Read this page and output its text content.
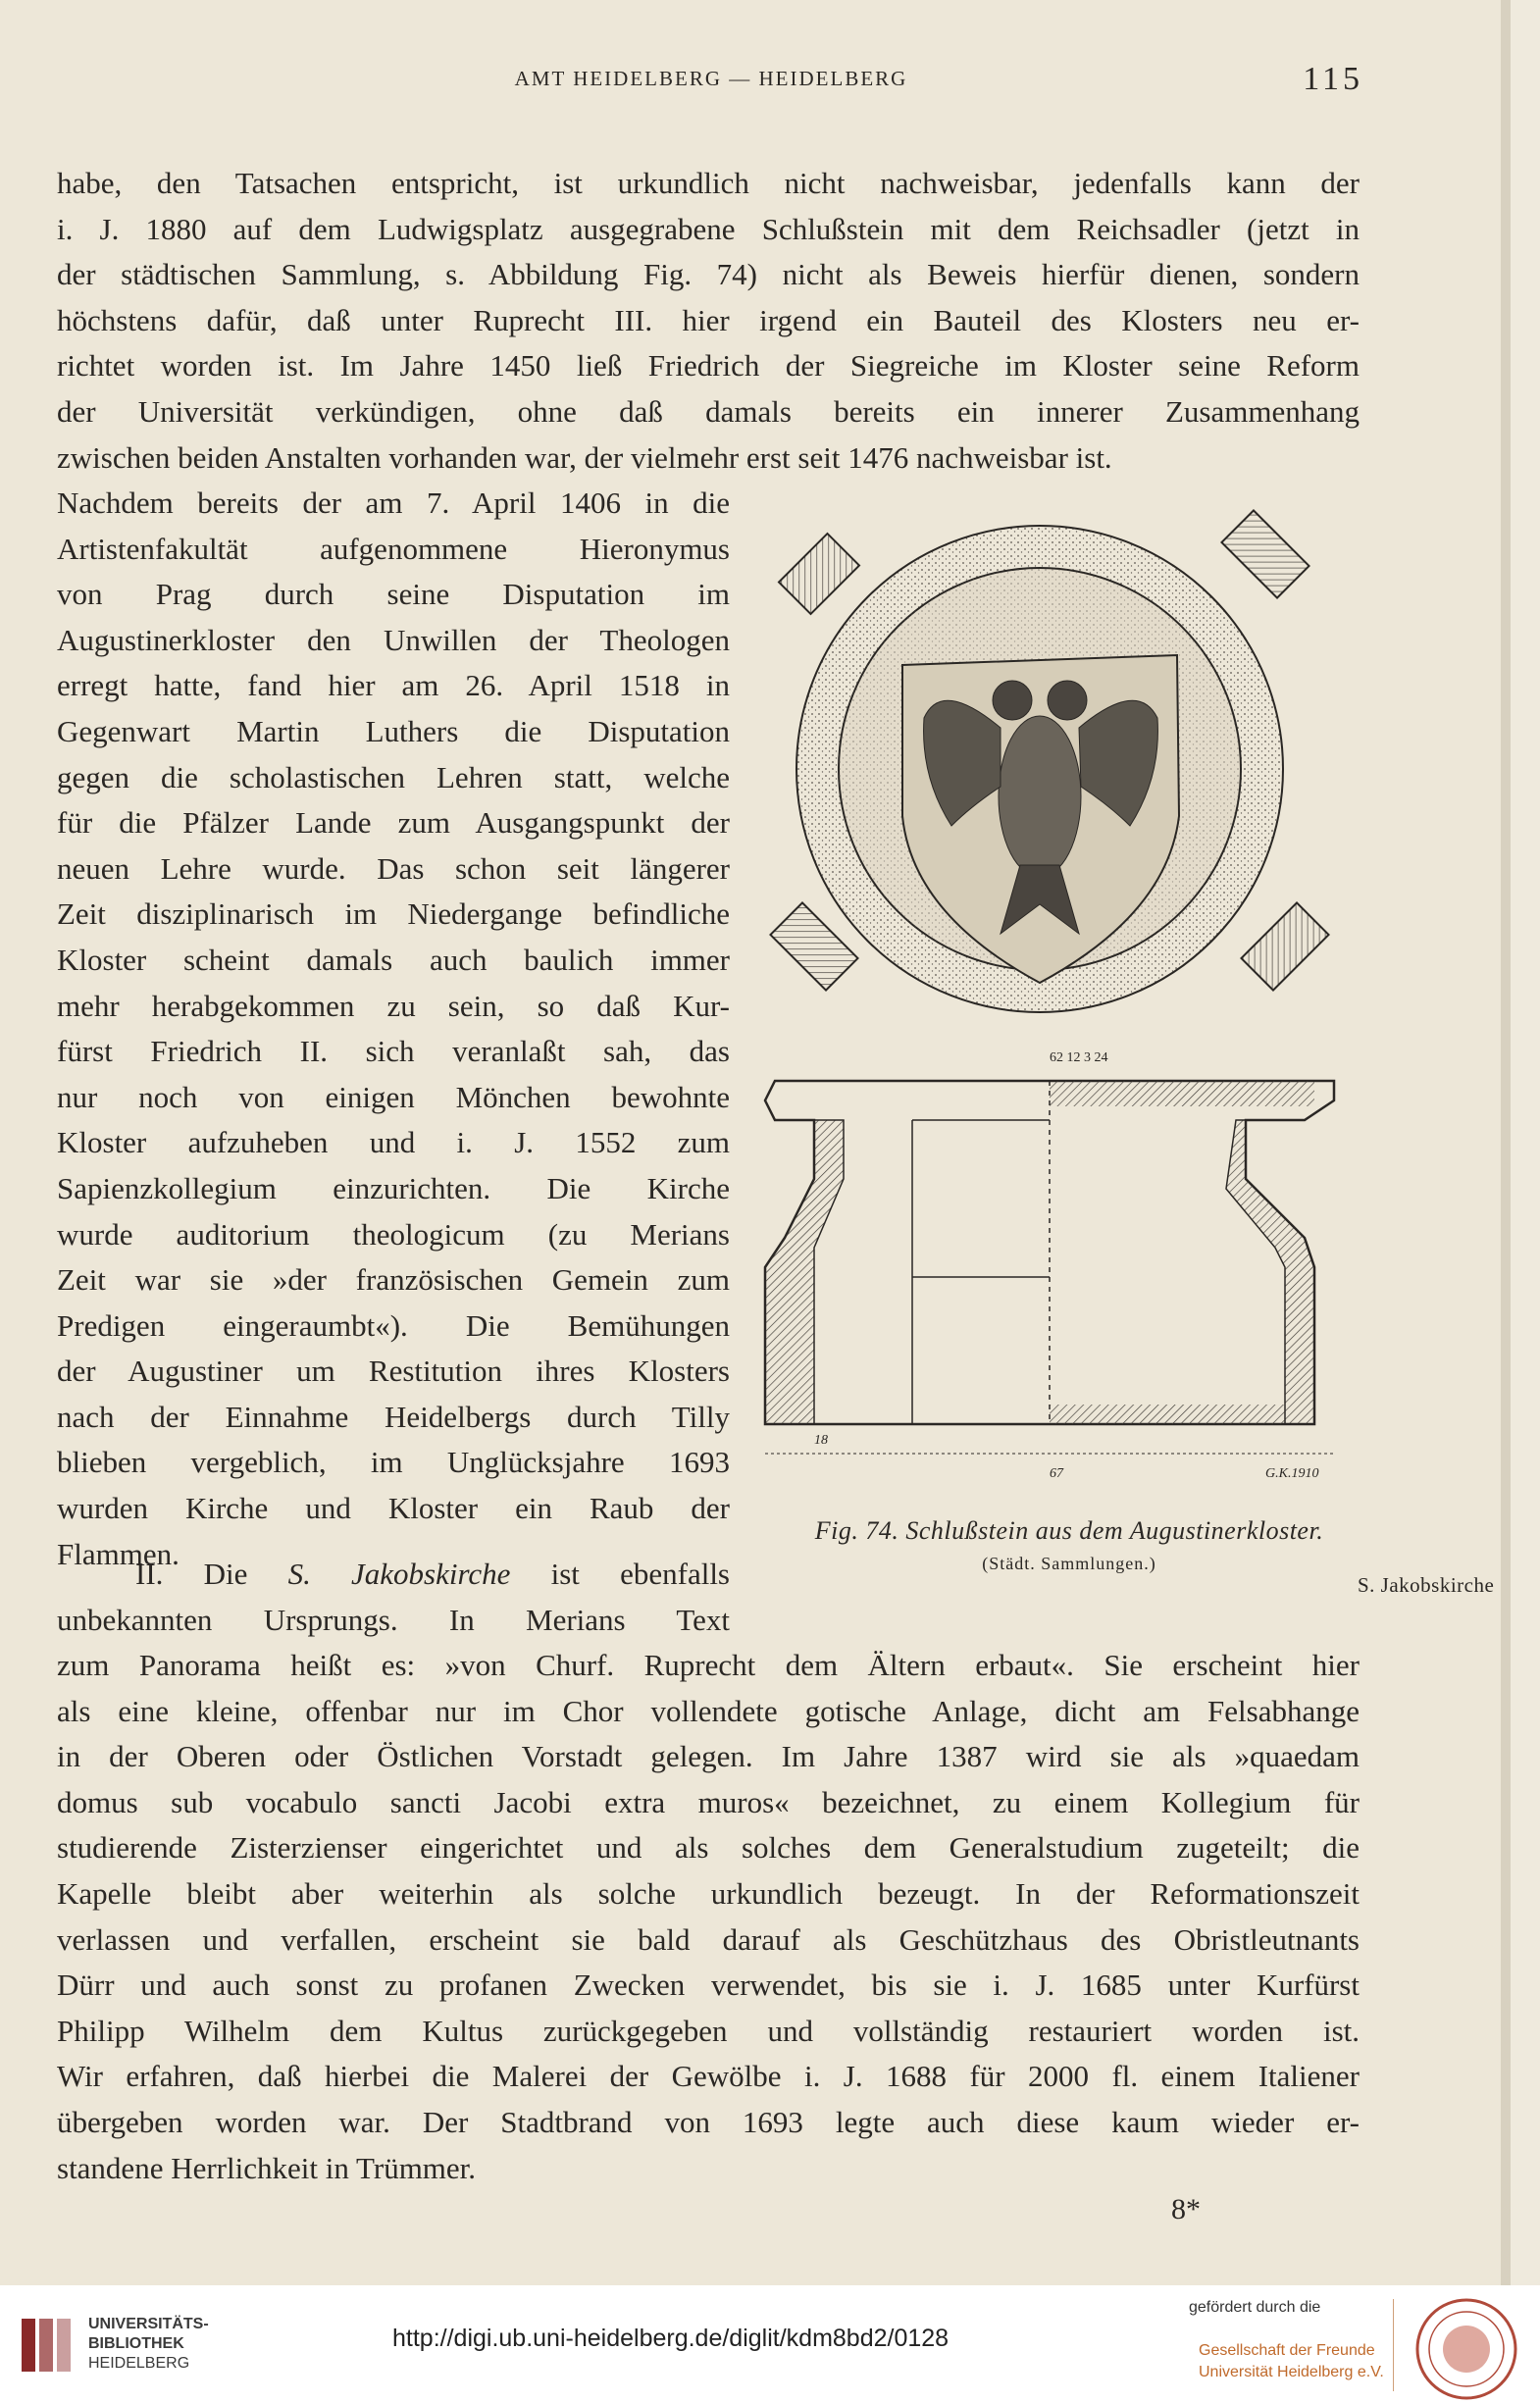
AMT HEIDELBERG — HEIDELBERG	115
habe, den Tatsachen entspricht, ist urkundlich nicht nachweisbar, jedenfalls kann der
i. J. 1880 auf dem Ludwigsplatz ausgegrabene Schlußstein mit dem Reichsadler (jetzt in
der städtischen Sammlung, s. Abbildung Fig. 74) nicht als Beweis hierfür dienen, sondern
höchstens dafür, daß unter Ruprecht III. hier irgend ein Bauteil des Klosters neu er-
richtet worden ist. Im Jahre 1450 ließ Friedrich der Siegreiche im Kloster seine Reform
der Universität verkündigen, ohne daß damals bereits ein innerer Zusammenhang
zwischen beiden Anstalten vorhanden war, der vielmehr erst seit 1476 nachweisbar ist.
Nachdem bereits der am 7. April 1406 in die
Artistenfakultät aufgenommene Hieronymus
von Prag durch seine Disputation im
Augustinerkloster den Unwillen der Theologen
erregt hatte, fand hier am 26. April 1518 in
Gegenwart Martin Luthers die Disputation
gegen die scholastischen Lehren statt, welche
für die Pfälzer Lande zum Ausgangspunkt der
neuen Lehre wurde. Das schon seit längerer
Zeit disziplinarisch im Niedergange befindliche
Kloster scheint damals auch baulich immer
mehr herabgekommen zu sein, so daß Kur-
fürst Friedrich II. sich veranlaßt sah, das
nur noch von einigen Mönchen bewohnte
Kloster aufzuheben und i. J. 1552 zum
Sapienzkollegium einzurichten. Die Kirche
wurde auditorium theologicum (zu Merians
Zeit war sie »der französischen Gemein zum
Predigen eingeraumbt«). Die Bemühungen
der Augustiner um Restitution ihres Klosters
nach der Einnahme Heidelbergs durch Tilly
blieben vergeblich, im Unglücksjahre 1693
wurden Kirche und Kloster ein Raub der
Flammen.
II. Die S. Jakobskirche ist ebenfalls
unbekannten Ursprungs. In Merians Text
zum Panorama heißt es: »von Churf. Ruprecht dem Ältern erbaut«. Sie erscheint hier
als eine kleine, offenbar nur im Chor vollendete gotische Anlage, dicht am Felsabhange
in der Oberen oder Östlichen Vorstadt gelegen. Im Jahre 1387 wird sie als »quaedam
domus sub vocabulo sancti Jacobi extra muros« bezeichnet, zu einem Kollegium für
studierende Zisterzienser eingerichtet und als solches dem Generalstudium zugeteilt; die
Kapelle bleibt aber weiterhin als solche urkundlich bezeugt. In der Reformationszeit
verlassen und verfallen, erscheint sie bald darauf als Geschützhaus des Obristleutnants
Dürr und auch sonst zu profanen Zwecken verwendet, bis sie i. J. 1685 unter Kurfürst
Philipp Wilhelm dem Kultus zurückgegeben und vollständig restauriert worden ist.
Wir erfahren, daß hierbei die Malerei der Gewölbe i. J. 1688 für 2000 fl. einem Italiener
übergeben worden war. Der Stadtbrand von 1693 legte auch diese kaum wieder er-
standene Herrlichkeit in Trümmer.
62 12 3 24
18
67	G.K.1910
Fig. 74. Schlußstein aus dem Augustinerkloster.
(Städt. Sammlungen.)
S. Jakobskirche
8*
UNIVERSITÄTS-
BIBLIOTHEK
HEIDELBERG
http://digi.ub.uni-heidelberg.de/diglit/kdm8bd2/0128
gefördert durch die
Gesellschaft der Freunde
Universität Heidelberg e.V.
